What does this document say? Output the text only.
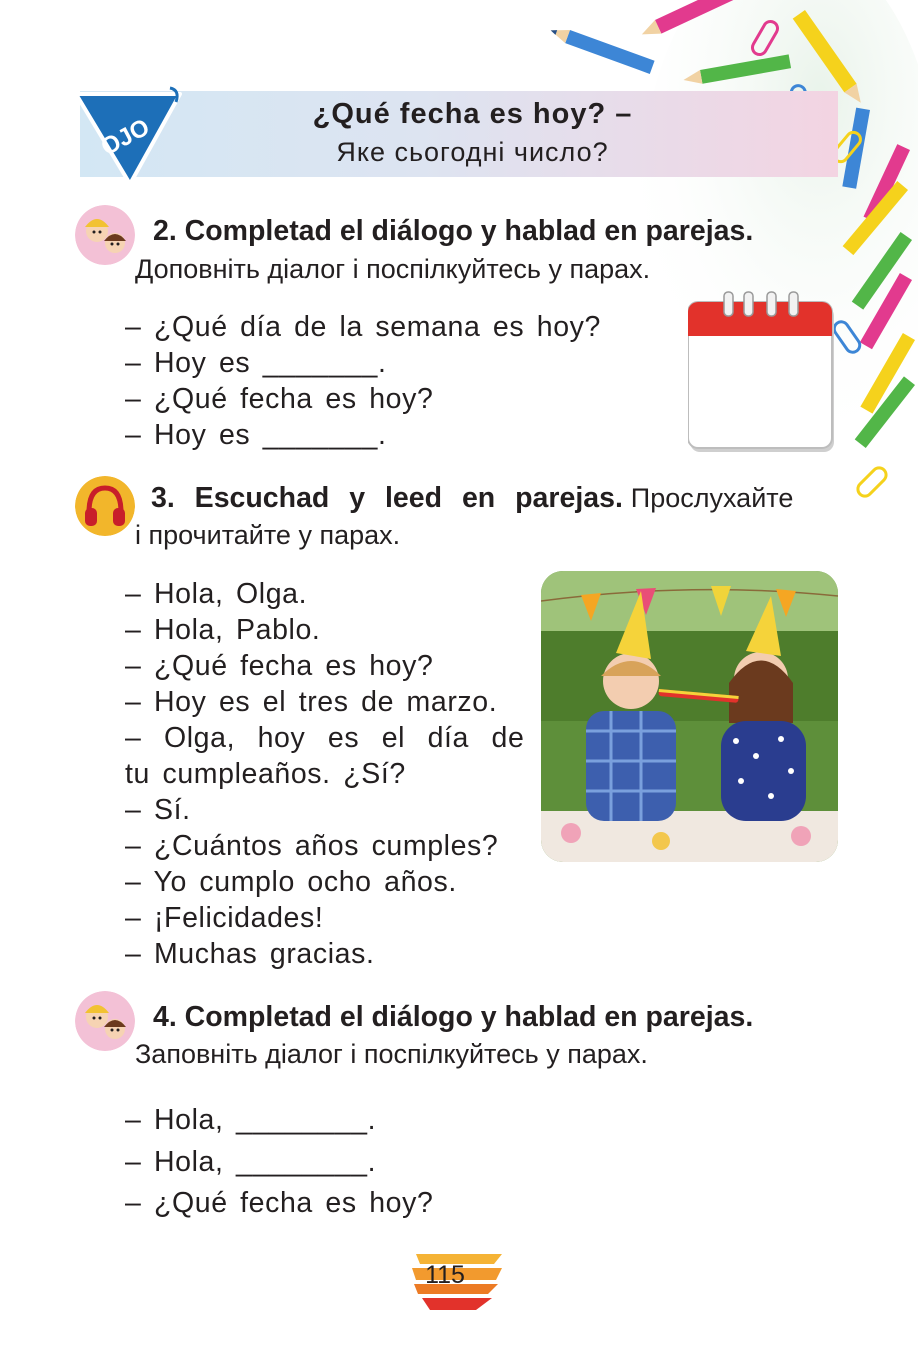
OJO	¿Qué fecha es hoy? –
Яке сьогодні число?
2. Completad el diálogo y hablad en parejas.
Доповніть діалог і поспілкуйтесь у парах.
– ¿Qué día de la semana es hoy?
– Hoy es _______.
– ¿Qué fecha es hoy?
– Hoy es _______.
3. Escuchad y leed en parejas. Прослухайте
і прочитайте у парах.
– Hola, Olga.
– Hola, Pablo.
– ¿Qué fecha es hoy?
– Hoy es el tres de marzo.
– Olga, hoy es el día de
tu cumpleaños. ¿Sí?
– Sí.
– ¿Cuántos años cumples?
– Yo cumplo ocho años.
– ¡Felicidades!
– Muchas gracias.
4. Completad el diálogo y hablad en parejas.
Заповніть діалог і поспілкуйтесь у парах.
– Hola, ________.
– Hola, ________.
– ¿Qué fecha es hoy?
115
